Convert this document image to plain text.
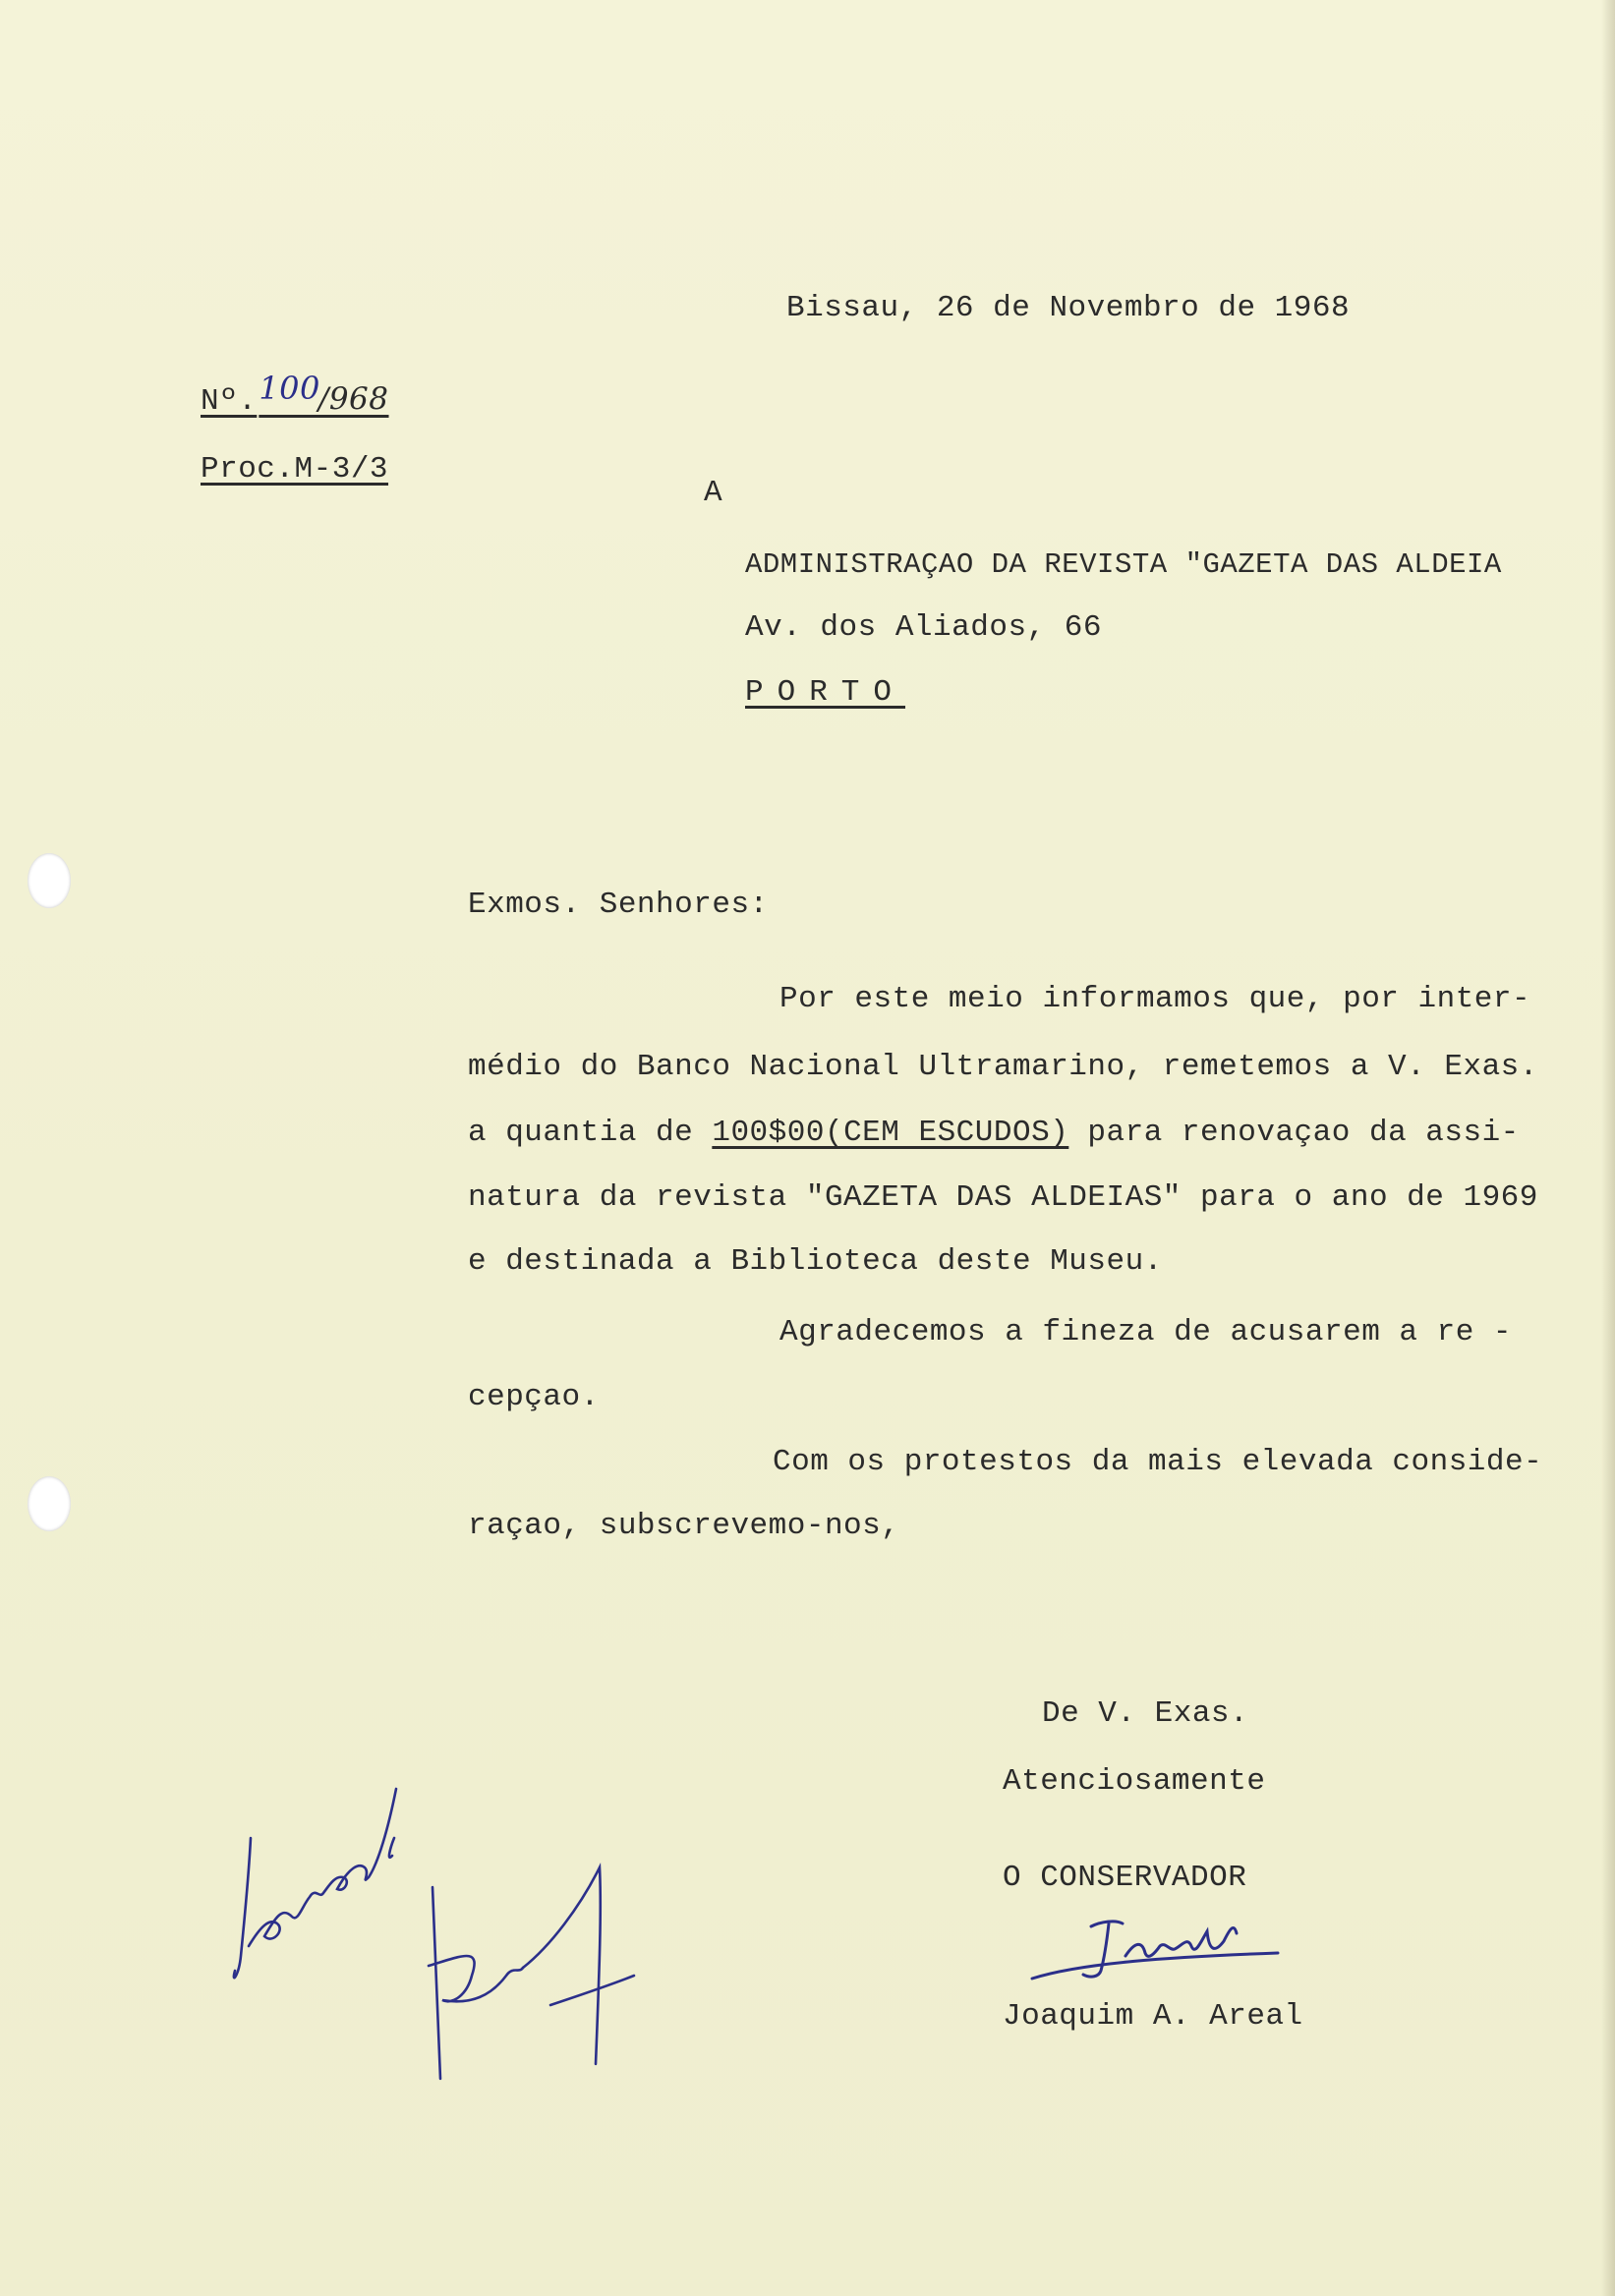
Bissau, 26 de Novembro de 1968
Nº.100/968
Proc.M-3/3
A
ADMINISTRAÇAO DA REVISTA "GAZETA DAS ALDEIA
Av. dos Aliados, 66
PORTO
Exmos. Senhores:
Por este meio informamos que, por inter-
médio do Banco Nacional Ultramarino, remetemos a V. Exas.
a quantia de 100$00(CEM ESCUDOS) para renovaçao da assi-
natura da revista "GAZETA DAS ALDEIAS" para o ano de 1969
e destinada a Biblioteca deste Museu.
Agradecemos a fineza de acusarem a re -
cepçao.
Com os protestos da mais elevada conside-
raçao, subscrevemo-nos,
De V. Exas.
Atenciosamente
O CONSERVADOR
Joaquim A. Areal
